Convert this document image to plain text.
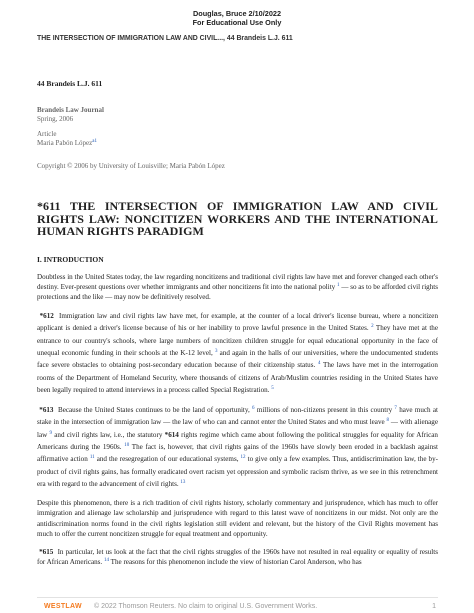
Douglas, Bruce 2/10/2022
For Educational Use Only
THE INTERSECTION OF IMMIGRATION LAW AND CIVIL..., 44 Brandeis L.J. 611
44 Brandeis L.J. 611
Brandeis Law Journal
Spring, 2006
Article
Maria Pabón López$^{a1}$
Copyright © 2006 by University of Louisville; Maria Pabón López
*611 THE INTERSECTION OF IMMIGRATION LAW AND CIVIL RIGHTS LAW: NONCITIZEN WORKERS AND THE INTERNATIONAL HUMAN RIGHTS PARADIGM
I. INTRODUCTION

Doubtless in the United States today, the law regarding noncitizens and traditional civil rights law have met and forever changed each other's destiny. Ever-present questions over whether immigrants and other noncitizens fit into the national polity $^1$ — so as to be afforded civil rights protections and the like — may now be definitively resolved.

*612 Immigration law and civil rights law have met, for example, at the counter of a local driver's license bureau, where a noncitizen applicant is denied a driver's license because of his or her inability to prove lawful presence in the United States. $^2$ They have met at the entrance to our country's schools, where large numbers of noncitizen children struggle for equal educational opportunity in the face of unequal economic funding in their schools at the K-12 level, $^3$ and again in the halls of our universities, where the undocumented students face severe obstacles to obtaining post-secondary education because of their citizenship status. $^4$ The laws have met in the interrogation rooms of the Department of Homeland Security, where thousands of citizens of Arab/Muslim countries residing in the United States have been legally required to attend interviews in a process called Special Registration. $^5$

*613 Because the United States continues to be the land of opportunity, $^6$ millions of non-citizens present in this country $^7$ have much at stake in the intersection of immigration law — the law of who can and cannot enter the United States and who must leave $^8$ — with alienage law $^9$ and civil rights law, i.e., the statutory *614 rights regime which came about following the political struggles for equality for African Americans during the 1960s. $^{10}$ The fact is, however, that civil rights gains of the 1960s have slowly been eroded in a backlash against affirmative action $^{11}$ and the resegregation of our educational systems, $^{12}$ to give only a few examples. Thus, antidiscrimination law, the by-product of civil rights gains, has formally eradicated overt racism yet oppression and symbolic racism thrive, as we see in this retrenchment era with regard to the advancement of civil rights. $^{13}$

Despite this phenomenon, there is a rich tradition of civil rights history, scholarly commentary and jurisprudence, which has much to offer immigration and alienage law scholarship and jurisprudence with regard to this latest wave of noncitizens in our midst. Not only are the antidiscrimination norms found in the civil rights legislation still evident and relevant, but the history of the Civil Rights movement has much to offer the current noncitizen struggle for equal treatment and opportunity.

*615 In particular, let us look at the fact that the civil rights struggles of the 1960s have not resulted in real equality or equality of results for African Americans. $^{14}$ The reasons for this phenomenon include the view of historian Carol Anderson, who has

WESTLAW © 2022 Thomson Reuters. No claim to original U.S. Government Works.	1
